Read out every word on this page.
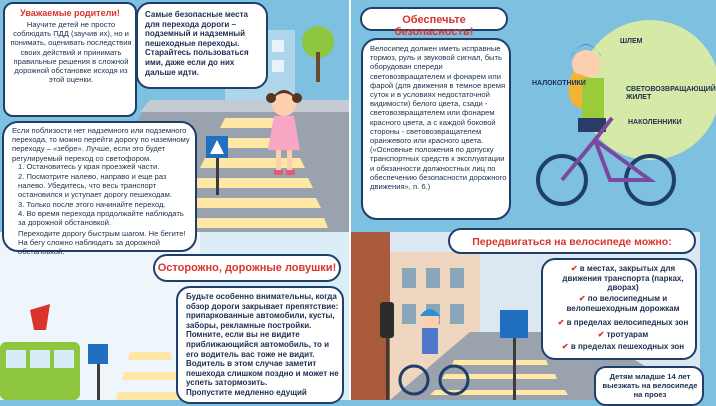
Уважаемые родители!
Научите детей не просто соблюдать ПДД (заучив их), но и понимать, оценивать последствия своих действий и принимать правильные решения в сложной дорожной обстановке исходя из этой оценки.
Самые безопасные места для перехода дороги – подземный и надземный пешеходные переходы. Старайтесь пользоваться ими, даже если до них дальше идти.
Если поблизости нет надземного или подземного перехода, то можно перейти дорогу по наземному переходу – «зебре». Лучше, если это будет регулируемый переход со светофором.
1. Остановитесь у края проезжей части.
2. Посмотрите налево, направо и еще раз налево. Убедитесь, что весь транспорт остановился и уступает дорогу пешеходам.
3. Только после этого начинайте переход.
4. Во время перехода продолжайте наблюдать за дорожной обстановкой.
Переходите дорогу быстрым шагом. Не бегите! На бегу сложно наблюдать за дорожной обстановкой.
Осторожно, дорожные ловушки!
Будьте особенно внимательны, когда обзор дороги закрывает препятствие: припаркованные автомобили, кусты, заборы, рекламные постройки.
Помните, если вы не видите приближающийся автомобиль, то и его водитель вас тоже не видит. Водитель в этом случае заметит пешехода слишком поздно и может не успеть затормозить.
Пропустите медленно едущий
Обеспечьте безопасность!
Велосипед должен иметь исправные тормоз, руль и звуковой сигнал, быть оборудован спереди световозвращателем и фонарем или фарой (для движения в темное время суток и в условиях недостаточной видимости) белого цвета, сзади - световозвращателем или фонарем красного цвета, а с каждой боковой стороны - световозвращателем оранжевого или красного цвета. («Основные положения по допуску транспортных средств к эксплуатации и обязанности должностных лиц по обеспечению безопасности дорожного движения», п. 6.)
ШЛЕМ
НАЛОКОТНИКИ
СВЕТОВОЗВРАЩАЮЩИЙ ЖИЛЕТ
НАКОЛЕННИКИ
Передвигаться на велосипеде можно:
✔ в местах, закрытых для движения транспорта (парках, дворах)
✔ по велосипедным и велопешеходным дорожкам
✔ в пределах велосипедных зон
✔ тротуарам
✔ в пределах пешеходных зон
Детям младше 14 лет выезжать на велосипеде на проез
